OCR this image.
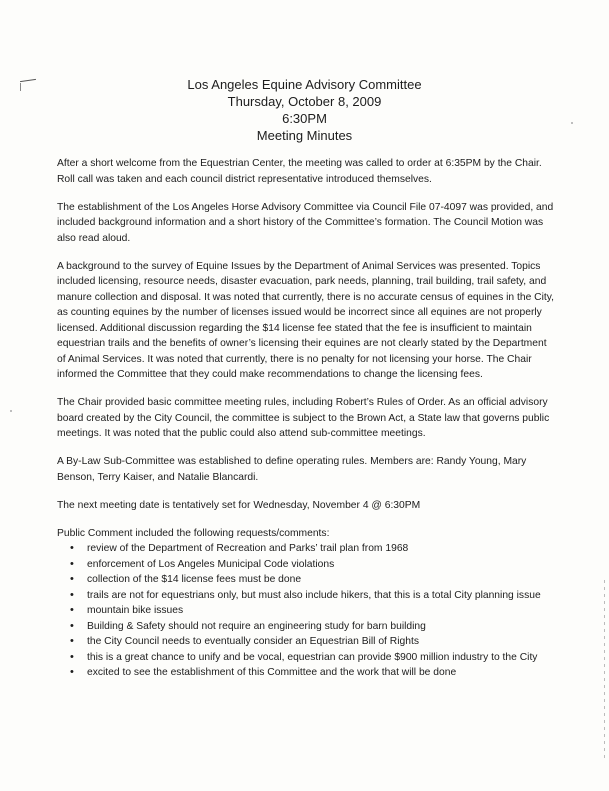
Los Angeles Equine Advisory Committee
Thursday, October 8, 2009
6:30PM
Meeting Minutes

After a short welcome from the Equestrian Center, the meeting was called to order at 6:35PM by the Chair. Roll call was taken and each council district representative introduced themselves.

The establishment of the Los Angeles Horse Advisory Committee via Council File 07-4097 was provided, and included background information and a short history of the Committee’s formation. The Council Motion was also read aloud.

A background to the survey of Equine Issues by the Department of Animal Services was presented. Topics included licensing, resource needs, disaster evacuation, park needs, planning, trail building, trail safety, and manure collection and disposal. It was noted that currently, there is no accurate census of equines in the City, as counting equines by the number of licenses issued would be incorrect since all equines are not properly licensed. Additional discussion regarding the $14 license fee stated that the fee is insufficient to maintain equestrian trails and the benefits of owner’s licensing their equines are not clearly stated by the Department of Animal Services. It was noted that currently, there is no penalty for not licensing your horse. The Chair informed the Committee that they could make recommendations to change the licensing fees.

The Chair provided basic committee meeting rules, including Robert’s Rules of Order. As an official advisory board created by the City Council, the committee is subject to the Brown Act, a State law that governs public meetings. It was noted that the public could also attend sub-committee meetings.

A By-Law Sub-Committee was established to define operating rules. Members are: Randy Young, Mary Benson, Terry Kaiser, and Natalie Blancardi.

The next meeting date is tentatively set for Wednesday, November 4 @ 6:30PM

Public Comment included the following requests/comments:

• review of the Department of Recreation and Parks’ trail plan from 1968
• enforcement of Los Angeles Municipal Code violations
• collection of the $14 license fees must be done
• trails are not for equestrians only, but must also include hikers, that this is a total City planning issue
• mountain bike issues
• Building & Safety should not require an engineering study for barn building
• the City Council needs to eventually consider an Equestrian Bill of Rights
• this is a great chance to unify and be vocal, equestrian can provide $900 million industry to the City
• excited to see the establishment of this Committee and the work that will be done
